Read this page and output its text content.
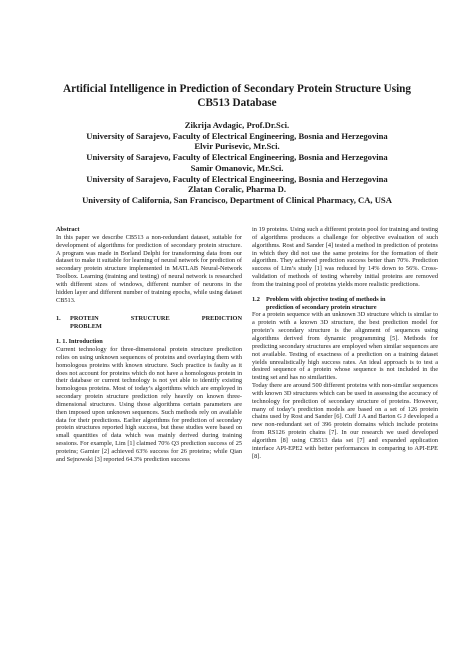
Artificial Intelligence in Prediction of Secondary Protein Structure Using
CB513 Database
Zikrija Avdagic, Prof.Dr.Sci.
University of Sarajevo, Faculty of Electrical Engineering, Bosnia and Herzegovina
Elvir Purisevic, Mr.Sci.
University of Sarajevo, Faculty of Electrical Engineering, Bosnia and Herzegovina
Samir Omanovic, Mr.Sci.
University of Sarajevo, Faculty of Electrical Engineering, Bosnia and Herzegovina
Zlatan Coralic, Pharma D.
University of California, San Francisco, Department of Clinical Pharmacy, CA, USA

Abstract

In this paper we describe CB513 a non-redundant dataset, suitable for development of algorithms for prediction of secondary protein structure. A program was made in Borland Delphi for transforming data from our dataset to make it suitable for learning of neural network for prediction of secondary protein structure implemented in MATLAB Neural-Network Toolbox. Learning (training and testing) of neural network is researched with different sizes of windows, different number of neurons in the hidden layer and different number of training epochs, while using dataset CB513.

1.	PROTEIN STRUCTURE PREDICTION
PROBLEM

1. 1. Introduction

Current technology for three-dimensional protein structure prediction relies on using unknown sequences of proteins and overlaying them with homologous proteins with known structure. Such practice is faulty as it does not account for proteins which do not have a homologous protein in their database or current technology is not yet able to identify existing homologous proteins. Most of today’s algorithms which are employed in secondary protein structure prediction rely heavily on known three-dimensional structures. Using those algorithms certain parameters are then imposed upon unknown sequences. Such methods rely on available data for their predictions. Earlier algorithms for prediction of secondary protein structures reported high success, but these studies were based on small quantities of data which was mainly derived during training sessions. For example, Lim [1] claimed 70% Q3 prediction success of 25 proteins; Garnier [2] achieved 63% success for 26 proteins; while Qian and Sejnowski [3] reported 64.3% prediction success

in 19 proteins. Using such a different protein pool for training and testing of algorithms produces a challenge for objective evaluation of such algorithms. Rost and Sander [4] tested a method in prediction of proteins in which they did not use the same proteins for the formation of their algorithm. They achieved prediction success better than 70%. Prediction success of Lim’s study [1] was reduced by 14% down to 56%. Cross-validation of methods of testing whereby initial proteins are removed from the training pool of proteins yields more realistic predictions.

1.2 Problem with objective testing of methods in
prediction of secondary protein structure

For a protein sequence with an unknown 3D structure which is similar to a protein with a known 3D structure, the best prediction model for protein’s secondary structure is the alignment of sequences using algorithms derived from dynamic programming [5]. Methods for predicting secondary structures are employed when similar sequences are not available. Testing of exactness of a prediction on a training dataset yields unrealistically high success rates. An ideal approach is to test a desired sequence of a protein whose sequence is not included in the testing set and has no similarities.

Today there are around 500 different proteins with non-similar sequences with known 3D structures which can be used in assessing the accuracy of technology for prediction of secondary structure of proteins. However, many of today’s prediction models are based on a set of 126 protein chains used by Rost and Sander [6]. Cuff J A and Barton G J developed a new non-redundant set of 396 protein domains which include proteins from RS126 protein chains [7]. In our research we used developed algorithm [8] using CB513 data set [7] and expanded application interface API-EPE2 with better performances in comparing to API-EPE [8].
